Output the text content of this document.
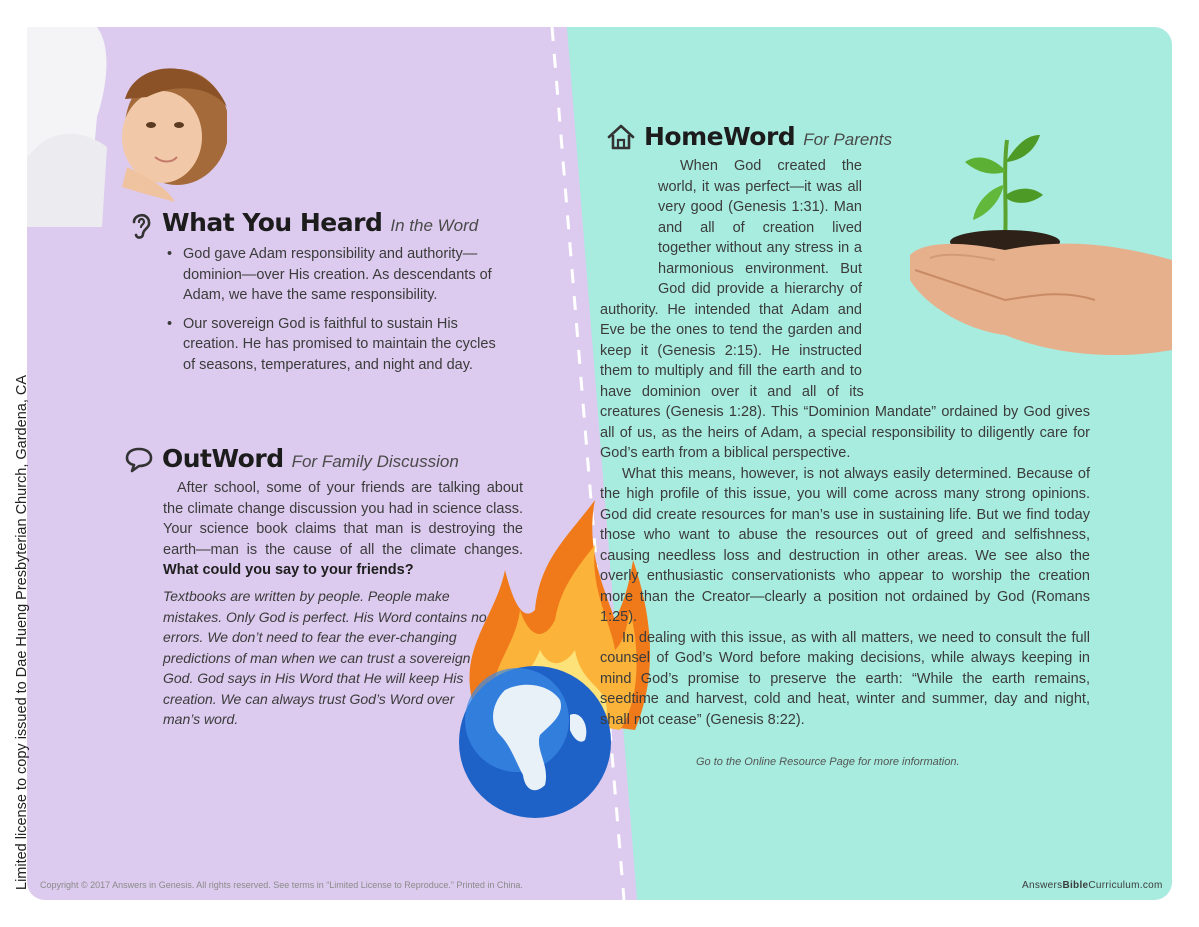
What You Heard In the Word
• God gave Adam responsibility and authority—dominion—over His creation. As descendants of Adam, we have the same responsibility.
• Our sovereign God is faithful to sustain His creation. He has promised to maintain the cycles of seasons, temperatures, and night and day.
OutWord For Family Discussion

After school, some of your friends are talking about the climate change discussion you had in science class. Your science book claims that man is destroying the earth—man is the cause of all the climate changes. What could you say to your friends?

Textbooks are written by people. People make mistakes. Only God is perfect. His Word contains no errors. We don’t need to fear the ever-changing predictions of man when we can trust a sovereign God. God says in His Word that He will keep His creation. We can always trust God’s Word over man’s word.

HomeWord For Parents

When God created the world, it was perfect—it was all very good (Genesis 1:31). Man and all of creation lived together without any stress in a harmonious environment. But God did provide a hierarchy of authority. He intended that Adam and Eve be the ones to tend the garden and keep it (Genesis 2:15). He instructed them to multiply and fill the earth and to have dominion over it and all of its creatures (Genesis 1:28). This “Dominion Mandate” ordained by God gives all of us, as the heirs of Adam, a special responsibility to diligently care for God’s earth from a biblical perspective.

What this means, however, is not always easily determined. Because of the high profile of this issue, you will come across many strong opinions. God did create resources for man’s use in sustaining life. But we find today those who want to abuse the resources out of greed and selfishness, causing needless loss and destruction in other areas. We see also the overly enthusiastic conservationists who appear to worship the creation more than the Creator—clearly a position not ordained by God (Romans 1:25).

In dealing with this issue, as with all matters, we need to consult the full counsel of God’s Word before making decisions, while always keeping in mind God’s promise to preserve the earth: “While the earth remains, seedtime and harvest, cold and heat, winter and summer, day and night, shall not cease” (Genesis 8:22).

Go to the Online Resource Page for more information.
Copyright © 2017 Answers in Genesis. All rights reserved. See terms in “Limited License to Reproduce.” Printed in China.	AnswersBibleCurriculum.com
Limited license to copy issued to Dae Hueng Presbyterian Church, Gardena, CA
